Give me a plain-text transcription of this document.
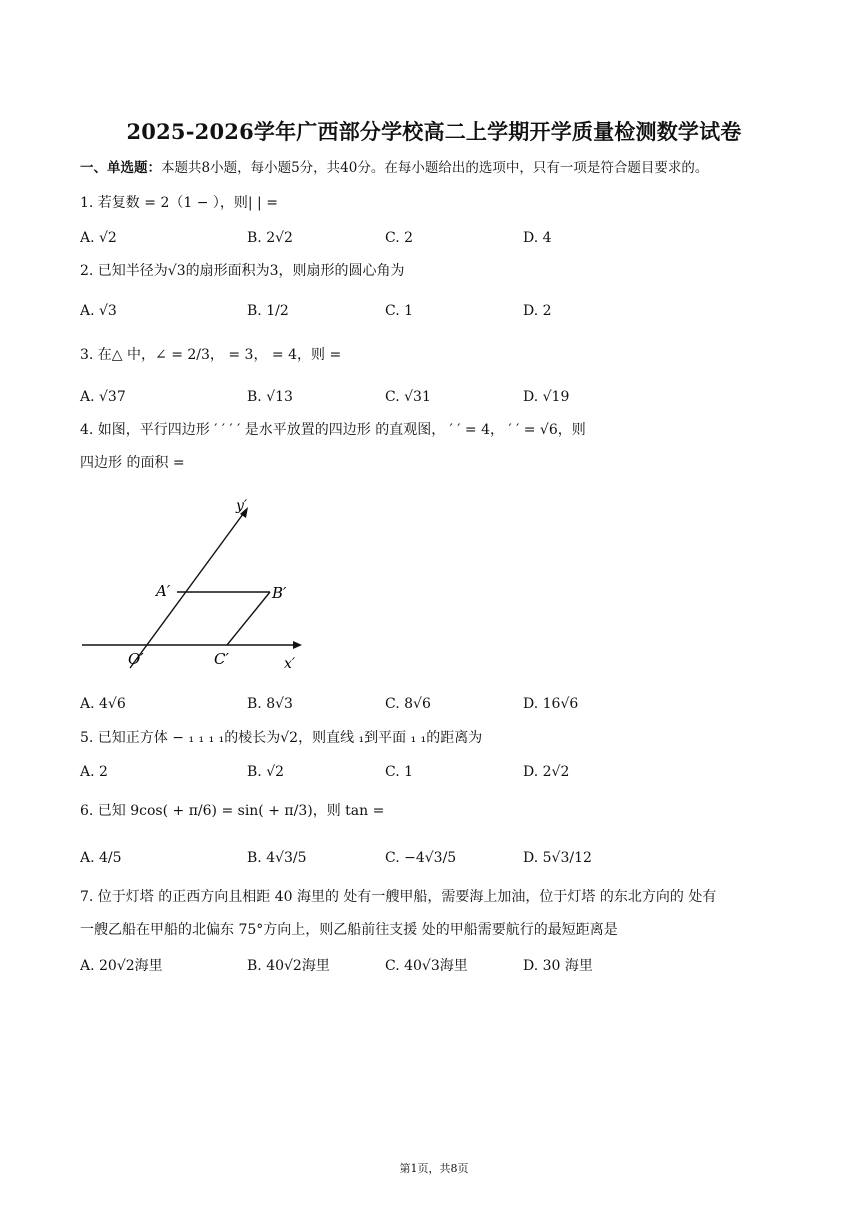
2025-2026学年广西部分学校高二上学期开学质量检测数学试卷
一、单选题：本题共8小题，每小题5分，共40分。在每小题给出的选项中，只有一项是符合题目要求的。
1. 若复数 = 2（1 − ），则| | =
A. √2	B. 2√2	C. 2	D. 4
2. 已知半径为√3的扇形面积为3，则扇形的圆心角为
A. √3	B. 1/2	C. 1	D. 2
3. 在△ 中，∠ = 2/3， = 3， = 4，则 =
A. √37	B. √13	C. √31	D. √19
4. 如图，平行四边形 ′ ′ ′ ′ 是水平放置的四边形 的直观图， ′ ′ = 4， ′ ′ = √6，则
四边形 的面积 =
y′
x′
A′	B′
O′	C′
A. 4√6	B. 8√3	C. 8√6	D. 16√6
5. 已知正方体 − ₁ ₁ ₁ ₁的棱长为√2，则直线 ₁到平面 ₁ ₁的距离为
A. 2	B. √2	C. 1	D. 2√2
6. 已知 9cos( + π/6) = sin( + π/3)，则 tan =
A. 4/5	B. 4√3/5	C. −4√3/5	D. 5√3/12
7. 位于灯塔 的正西方向且相距 40 海里的 处有一艘甲船，需要海上加油，位于灯塔 的东北方向的 处有
一艘乙船在甲船的北偏东 75°方向上，则乙船前往支援 处的甲船需要航行的最短距离是
A. 20√2海里	B. 40√2海里	C. 40√3海里	D. 30 海里
第1页，共8页
